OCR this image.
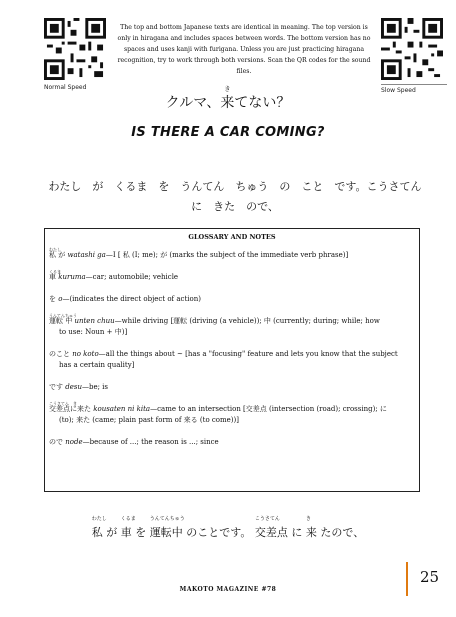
Normal Speed	Slow Speed
The top and bottom Japanese texts are identical in meaning. The top version is only in hiragana and includes spaces between words. The bottom version has no spaces and uses kanji with furigana. Unless you are just practicing hiragana recognition, try to work through both versions. Scan the QR codes for the sound files.
クルマ、
き
来てない？
IS THERE A CAR COMING?
わたし　が　くるま　を　うんてん　ちゅう　の　こと　です。こうさてん　に　きた　ので、
GLOSSARY AND NOTES
わたし
私 が watashi ga—I [ 私 (I; me); が (marks the subject of the immediate verb phrase)]
くるま
車 kuruma—car; automobile; vehicle
を o—(indicates the direct object of action)
うんてんちゅう
運転 中 unten chuu—while driving [運転 (driving (a vehicle)); 中 (currently; during; while; how
to use: Noun + 中)]
のこと no koto—all the things about ~ [has a "focusing" feature and lets you know that the subject
has a certain quality]
です desu—be; is
こうさてん　き
交差点に来た kousaten ni kita—came to an intersection [交差点 (intersection (road); crossing); に
(to); 来た (came; plain past form of 来る (to come))]
ので node—because of ...; the reason is ...; since
わたし
私 が
くるま
車 を
うんてんちゅう
運転中 のことです。
こうさてん
交差点 に
き
来 たので、
25
MAKOTO MAGAZINE #78
